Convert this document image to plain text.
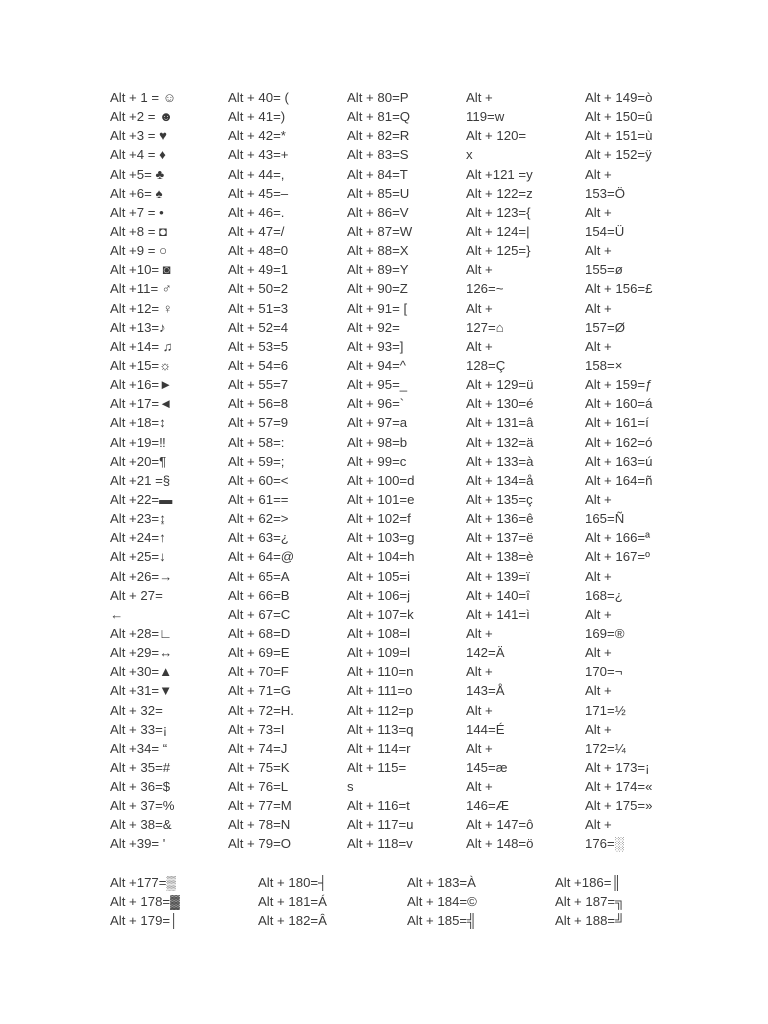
Alt + 1 = ☺
Alt +2 = ☻
Alt +3 = ♥
Alt +4 = ♦
Alt +5= ♣
Alt +6= ♠
Alt +7 = •
Alt +8 = ◘
Alt +9 = ○
Alt +10= ◙
Alt +11= ♂
Alt +12= ♀
Alt +13=♪
Alt +14= ♫
Alt +15=☼
Alt +16=►
Alt +17=◄
Alt +18=↕
Alt +19=‼
Alt +20=¶
Alt +21 =§
Alt +22=▬
Alt +23=↨
Alt +24=↑
Alt +25=↓
Alt +26=→
Alt + 27=
←
Alt +28=∟
Alt +29=↔
Alt +30=▲
Alt +31=▼
Alt + 32=
Alt + 33=¡
Alt +34= “
Alt + 35=#
Alt + 36=$
Alt + 37=%
Alt + 38=&
Alt +39= '
Alt + 40= (
Alt + 41=)
Alt + 42=*
Alt + 43=+
Alt + 44=,
Alt + 45=–
Alt + 46=.
Alt + 47=/
Alt + 48=0
Alt + 49=1
Alt + 50=2
Alt + 51=3
Alt + 52=4
Alt + 53=5
Alt + 54=6
Alt + 55=7
Alt + 56=8
Alt + 57=9
Alt + 58=:
Alt + 59=;
Alt + 60=<
Alt + 61==
Alt + 62=>
Alt + 63=¿
Alt + 64=@
Alt + 65=A
Alt + 66=B
Alt + 67=C
Alt + 68=D
Alt + 69=E
Alt + 70=F
Alt + 71=G
Alt + 72=H.
Alt + 73=I
Alt + 74=J
Alt + 75=K
Alt + 76=L
Alt + 77=M
Alt + 78=N
Alt + 79=O
Alt + 80=P
Alt + 81=Q
Alt + 82=R
Alt + 83=S
Alt + 84=T
Alt + 85=U
Alt + 86=V
Alt + 87=W
Alt + 88=X
Alt + 89=Y
Alt + 90=Z
Alt + 91= [
Alt + 92=
Alt + 93=]
Alt + 94=^
Alt + 95=_
Alt + 96=`
Alt + 97=a
Alt + 98=b
Alt + 99=c
Alt + 100=d
Alt + 101=e
Alt + 102=f
Alt + 103=g
Alt + 104=h
Alt + 105=i
Alt + 106=j
Alt + 107=k
Alt + 108=l
Alt + 109=l
Alt + 110=n
Alt + 111=o
Alt + 112=p
Alt + 113=q
Alt + 114=r
Alt + 115=
s
Alt + 116=t
Alt + 117=u
Alt + 118=v
Alt +
119=w
Alt + 120=
x
Alt +121 =y
Alt + 122=z
Alt + 123={
Alt + 124=|
Alt + 125=}
Alt +
126=~
Alt +
127=⌂
Alt +
128=Ç
Alt + 129=ü
Alt + 130=é
Alt + 131=â
Alt + 132=ä
Alt + 133=à
Alt + 134=å
Alt + 135=ç
Alt + 136=ê
Alt + 137=ë
Alt + 138=è
Alt + 139=ï
Alt + 140=î
Alt + 141=ì
Alt +
142=Ä
Alt +
143=Å
Alt +
144=É
Alt +
145=æ
Alt +
146=Æ
Alt + 147=ô
Alt + 148=ö
Alt + 149=ò
Alt + 150=û
Alt + 151=ù
Alt + 152=ÿ
Alt +
153=Ö
Alt +
154=Ü
Alt +
155=ø
Alt + 156=£
Alt +
157=Ø
Alt +
158=×
Alt + 159=ƒ
Alt + 160=á
Alt + 161=í
Alt + 162=ó
Alt + 163=ú
Alt + 164=ñ
Alt +
165=Ñ
Alt + 166=ª
Alt + 167=º
Alt +
168=¿
Alt +
169=®
Alt +
170=¬
Alt +
171=½
Alt +
172=¼
Alt + 173=¡
Alt + 174=«
Alt + 175=»
Alt +
176=░
Alt +177=▒
Alt + 178=▓
Alt + 179=│
Alt + 180=┤
Alt + 181=Á
Alt + 182=Â
Alt + 183=À
Alt + 184=©
Alt + 185=╣
Alt +186=║
Alt + 187=╗
Alt + 188=╝
